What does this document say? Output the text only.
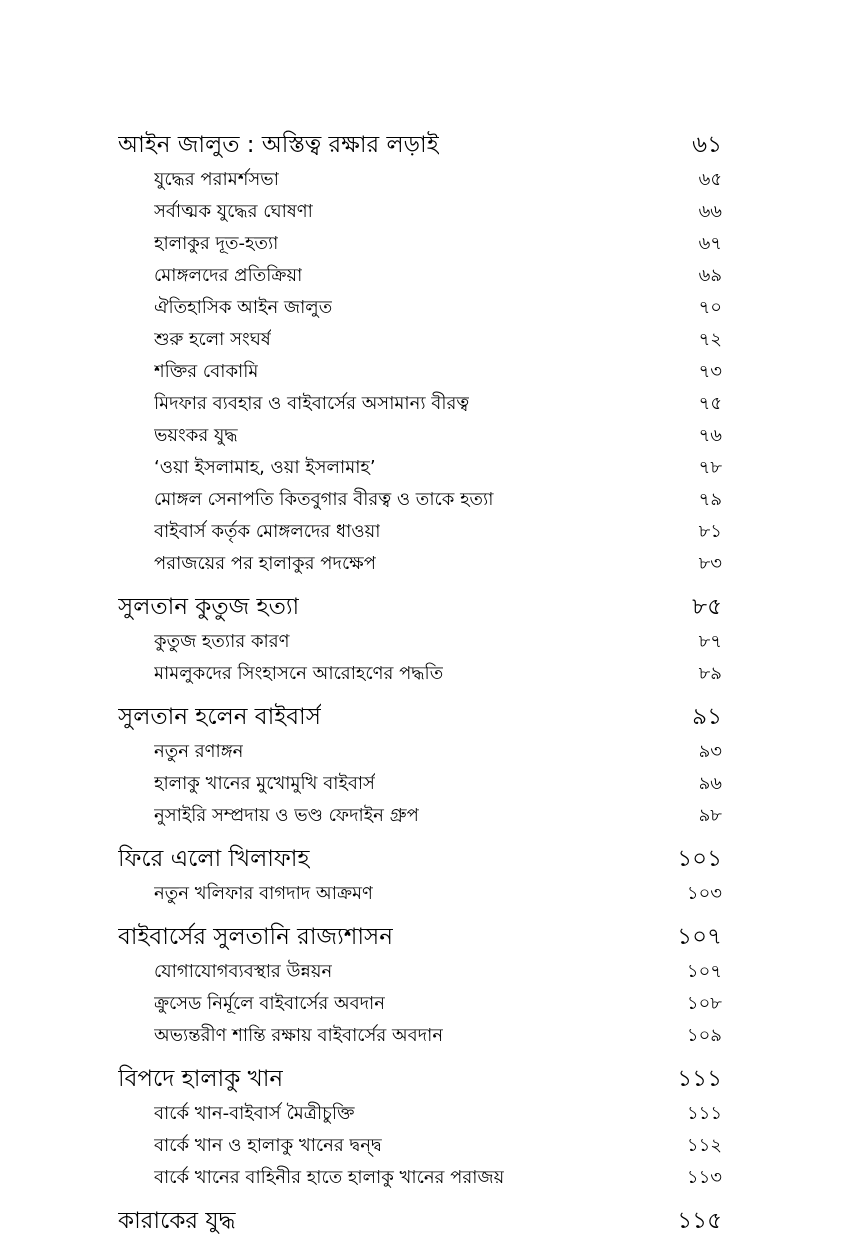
আইন জালুত : অস্তিত্ব রক্ষার লড়াই	৬১
যুদ্ধের পরামর্শসভা	৬৫
সর্বাত্মক যুদ্ধের ঘোষণা	৬৬
হালাকুর দূত-হত্যা	৬৭
মোঙ্গলদের প্রতিক্রিয়া	৬৯
ঐতিহাসিক আইন জালুত	৭০
শুরু হলো সংঘর্ষ	৭২
শক্তির বোকামি	৭৩
মিদফার ব্যবহার ও বাইবার্সের অসামান্য বীরত্ব	৭৫
ভয়ংকর যুদ্ধ	৭৬
‘ওয়া ইসলামাহ, ওয়া ইসলামাহ’	৭৮
মোঙ্গল সেনাপতি কিতবুগার বীরত্ব ও তাকে হত্যা	৭৯
বাইবার্স কর্তৃক মোঙ্গলদের ধাওয়া	৮১
পরাজয়ের পর হালাকুর পদক্ষেপ	৮৩
সুলতান কুতুজ হত্যা	৮৫
কুতুজ হত্যার কারণ	৮৭
মামলুকদের সিংহাসনে আরোহণের পদ্ধতি	৮৯
সুলতান হলেন বাইবার্স	৯১
নতুন রণাঙ্গন	৯৩
হালাকু খানের মুখোমুখি বাইবার্স	৯৬
নুসাইরি সম্প্রদায় ও ভণ্ড ফেদাইন গ্রুপ	৯৮
ফিরে এলো খিলাফাহ	১০১
নতুন খলিফার বাগদাদ আক্রমণ	১০৩
বাইবার্সের সুলতানি রাজ্যশাসন	১০৭
যোগাযোগব্যবস্থার উন্নয়ন	১০৭
ক্রুসেড নির্মূলে বাইবার্সের অবদান	১০৮
অভ্যন্তরীণ শান্তি রক্ষায় বাইবার্সের অবদান	১০৯
বিপদে হালাকু খান	১১১
বার্কে খান-বাইবার্স মৈত্রীচুক্তি	১১১
বার্কে খান ও হালাকু খানের দ্বন্দ্ব	১১২
বার্কে খানের বাহিনীর হাতে হালাকু খানের পরাজয়	১১৩
কারাকের যুদ্ধ	১১৫
